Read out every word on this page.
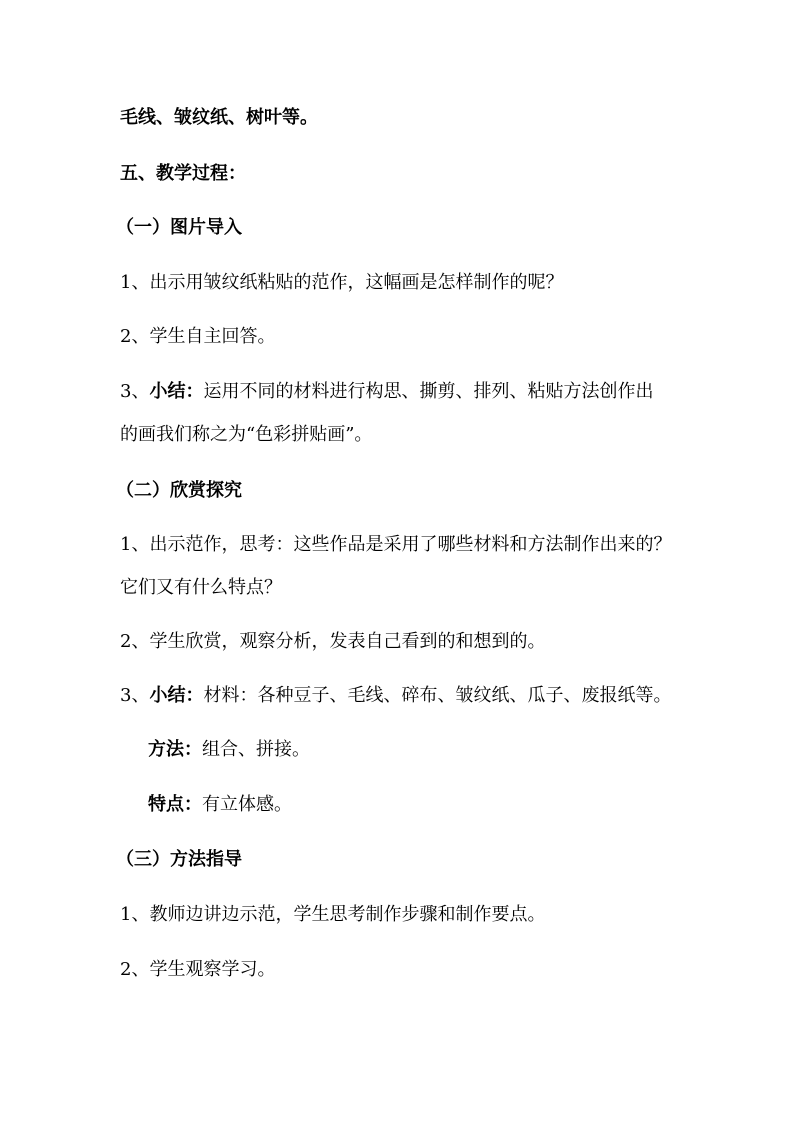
毛线、皱纹纸、树叶等。
五、教学过程：
（一）图片导入
1、出示用皱纹纸粘贴的范作，这幅画是怎样制作的呢？
2、学生自主回答。
3、小结：运用不同的材料进行构思、撕剪、排列、粘贴方法创作出
的画我们称之为“色彩拼贴画”。
（二）欣赏探究
1、出示范作，思考：这些作品是采用了哪些材料和方法制作出来的？
它们又有什么特点？
2、学生欣赏，观察分析，发表自己看到的和想到的。
3、小结：材料：各种豆子、毛线、碎布、皱纹纸、瓜子、废报纸等。
方法：组合、拼接。
特点：有立体感。
（三）方法指导
1、教师边讲边示范，学生思考制作步骤和制作要点。
2、学生观察学习。
